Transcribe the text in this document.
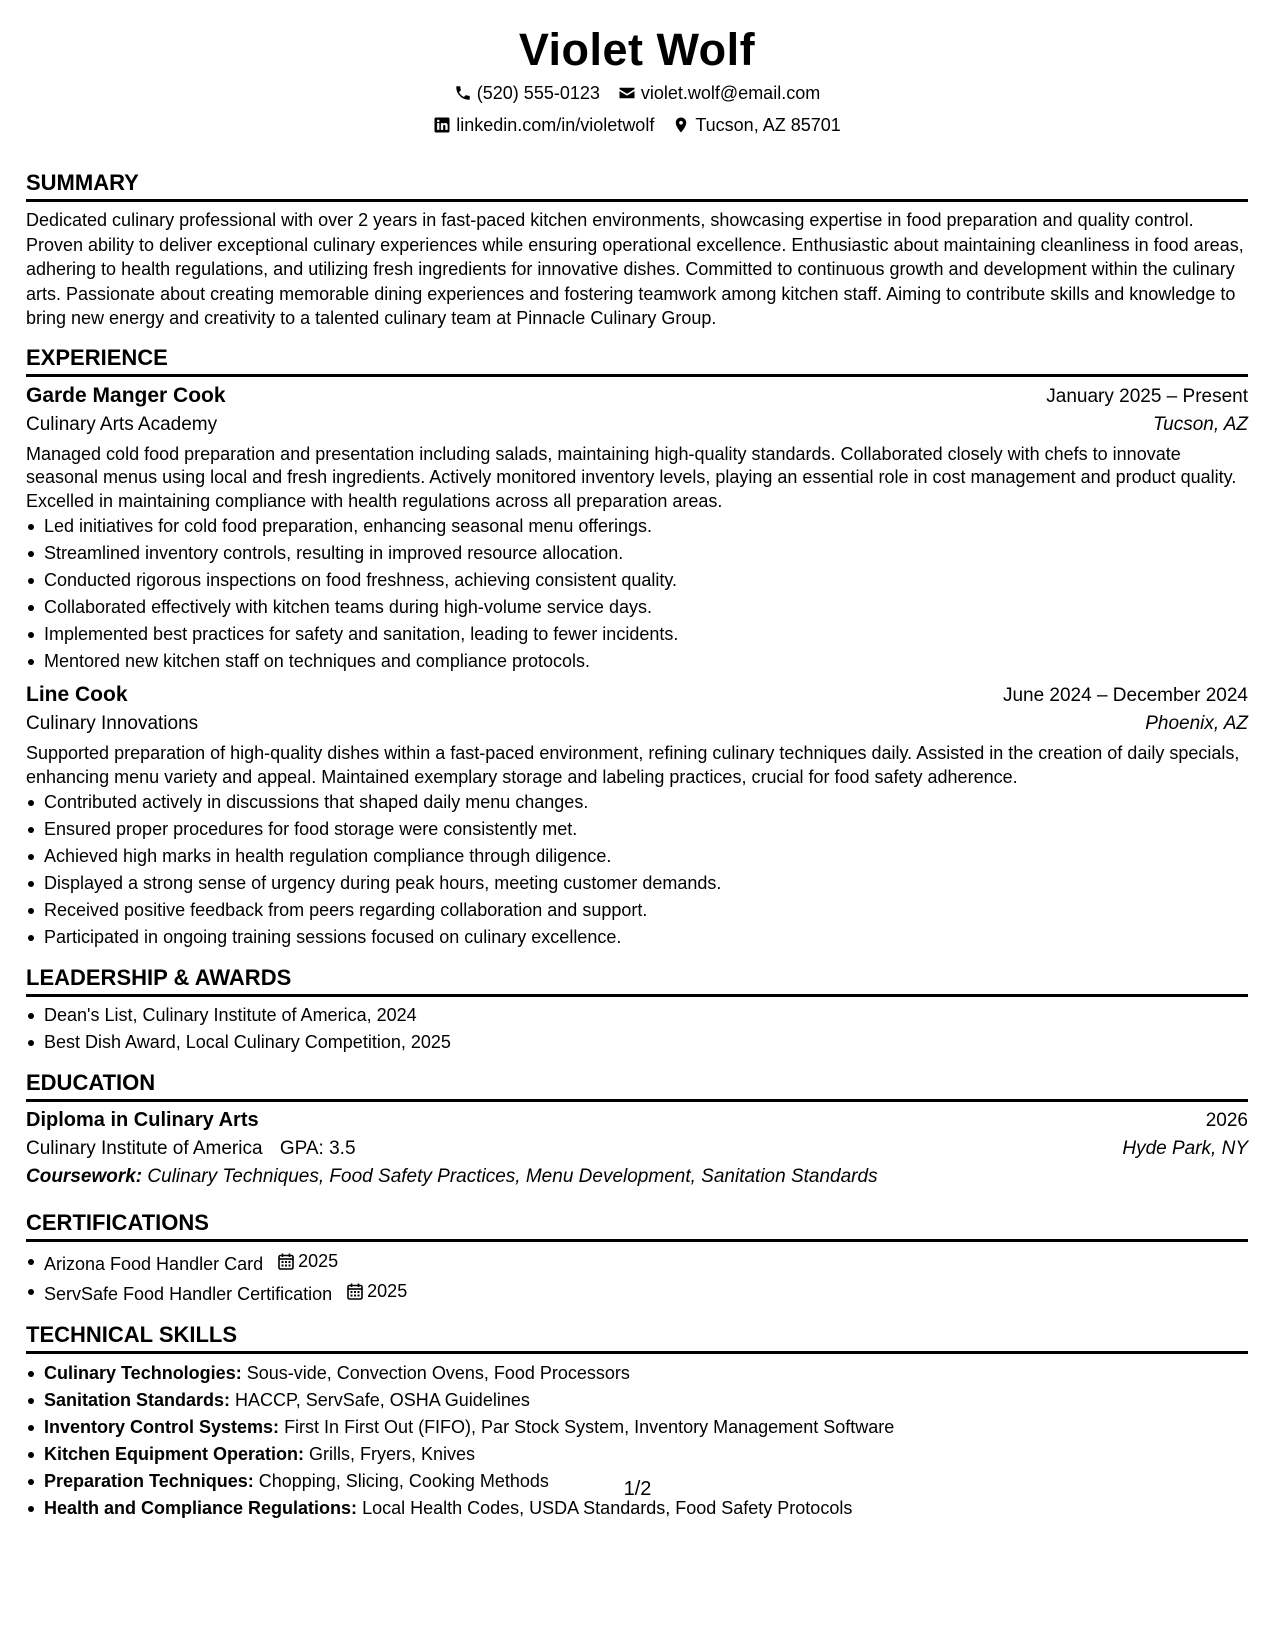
Violet Wolf
(520) 555-0123 violet.wolf@email.com
linkedin.com/in/violetwolf Tucson, AZ 85701
SUMMARY

Dedicated culinary professional with over 2 years in fast-paced kitchen environments, showcasing expertise in food preparation and quality control. Proven ability to deliver exceptional culinary experiences while ensuring operational excellence. Enthusiastic about maintaining cleanliness in food areas, adhering to health regulations, and utilizing fresh ingredients for innovative dishes. Committed to continuous growth and development within the culinary arts. Passionate about creating memorable dining experiences and fostering teamwork among kitchen staff. Aiming to contribute skills and knowledge to bring new energy and creativity to a talented culinary team at Pinnacle Culinary Group.

EXPERIENCE
Garde Manger Cook	January 2025 – Present
Culinary Arts Academy	Tucson, AZ

Managed cold food preparation and presentation including salads, maintaining high-quality standards. Collaborated closely with chefs to innovate seasonal menus using local and fresh ingredients. Actively monitored inventory levels, playing an essential role in cost management and product quality. Excelled in maintaining compliance with health regulations across all preparation areas.

Led initiatives for cold food preparation, enhancing seasonal menu offerings.
Streamlined inventory controls, resulting in improved resource allocation.
Conducted rigorous inspections on food freshness, achieving consistent quality.
Collaborated effectively with kitchen teams during high-volume service days.
Implemented best practices for safety and sanitation, leading to fewer incidents.
Mentored new kitchen staff on techniques and compliance protocols.
Line Cook	June 2024 – December 2024
Culinary Innovations	Phoenix, AZ

Supported preparation of high-quality dishes within a fast-paced environment, refining culinary techniques daily. Assisted in the creation of daily specials, enhancing menu variety and appeal. Maintained exemplary storage and labeling practices, crucial for food safety adherence.

Contributed actively in discussions that shaped daily menu changes.
Ensured proper procedures for food storage were consistently met.
Achieved high marks in health regulation compliance through diligence.
Displayed a strong sense of urgency during peak hours, meeting customer demands.
Received positive feedback from peers regarding collaboration and support.
Participated in ongoing training sessions focused on culinary excellence.
LEADERSHIP & AWARDS
Dean's List, Culinary Institute of America, 2024
Best Dish Award, Local Culinary Competition, 2025
EDUCATION
Diploma in Culinary Arts	2026
Culinary Institute of America GPA: 3.5	Hyde Park, NY
Coursework: Culinary Techniques, Food Safety Practices, Menu Development, Sanitation Standards
CERTIFICATIONS
Arizona Food Handler Card 2025
ServSafe Food Handler Certification 2025
TECHNICAL SKILLS
Culinary Technologies: Sous-vide, Convection Ovens, Food Processors
Sanitation Standards: HACCP, ServSafe, OSHA Guidelines
Inventory Control Systems: First In First Out (FIFO), Par Stock System, Inventory Management Software
Kitchen Equipment Operation: Grills, Fryers, Knives
Preparation Techniques: Chopping, Slicing, Cooking Methods
Health and Compliance Regulations: Local Health Codes, USDA Standards, Food Safety Protocols
1/2
